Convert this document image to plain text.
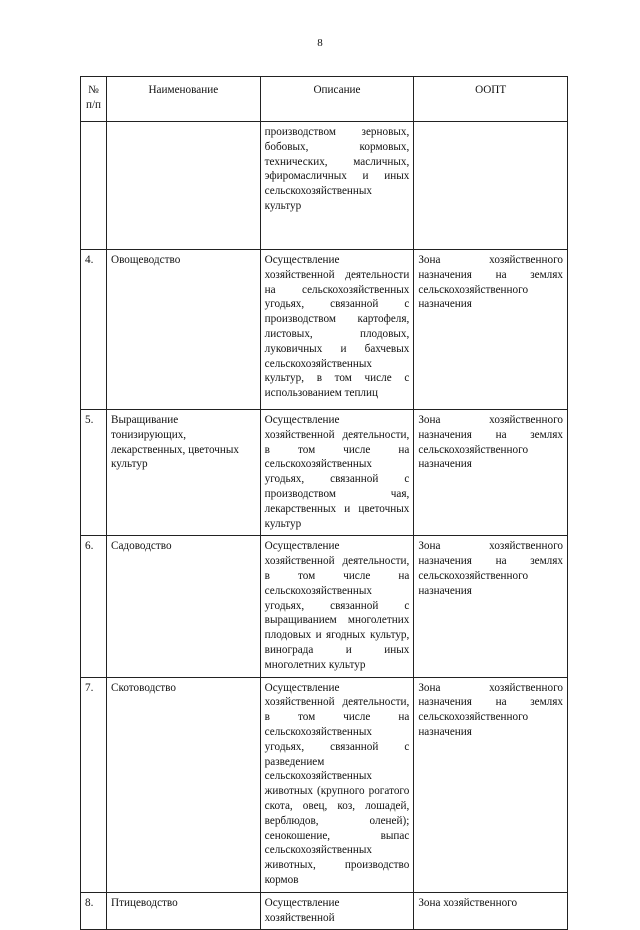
8
№ п/п	Наименование	Описание	ООПТ
		производством зерновых, бобовых, кормовых, технических, масличных, эфиромасличных и иных сельскохозяйственных культур	
4.	Овощеводство	Осуществление хозяйственной деятельности на сельскохозяйственных угодьях, связанной с производством картофеля, листовых, плодовых, луковичных и бахчевых сельскохозяйственных культур, в том числе с использованием теплиц	Зона хозяйственного назначения на землях сельскохозяйственного назначения
5.	Выращивание тонизирующих, лекарственных, цветочных культур	Осуществление хозяйственной деятельности, в том числе на сельскохозяйственных угодьях, связанной с производством чая, лекарственных и цветочных культур	Зона хозяйственного назначения на землях сельскохозяйственного назначения
6.	Садоводство	Осуществление хозяйственной деятельности, в том числе на сельскохозяйственных угодьях, связанной с выращиванием многолетних плодовых и ягодных культур, винограда и иных многолетних культур	Зона хозяйственного назначения на землях сельскохозяйственного назначения
7.	Скотоводство	Осуществление хозяйственной деятельности, в том числе на сельскохозяйственных угодьях, связанной с разведением сельскохозяйственных животных (крупного рогатого скота, овец, коз, лошадей, верблюдов, оленей); сенокошение, выпас сельскохозяйственных животных, производство кормов	Зона хозяйственного назначения на землях сельскохозяйственного назначения
8.	Птицеводство	Осуществление хозяйственной	Зона хозяйственного
